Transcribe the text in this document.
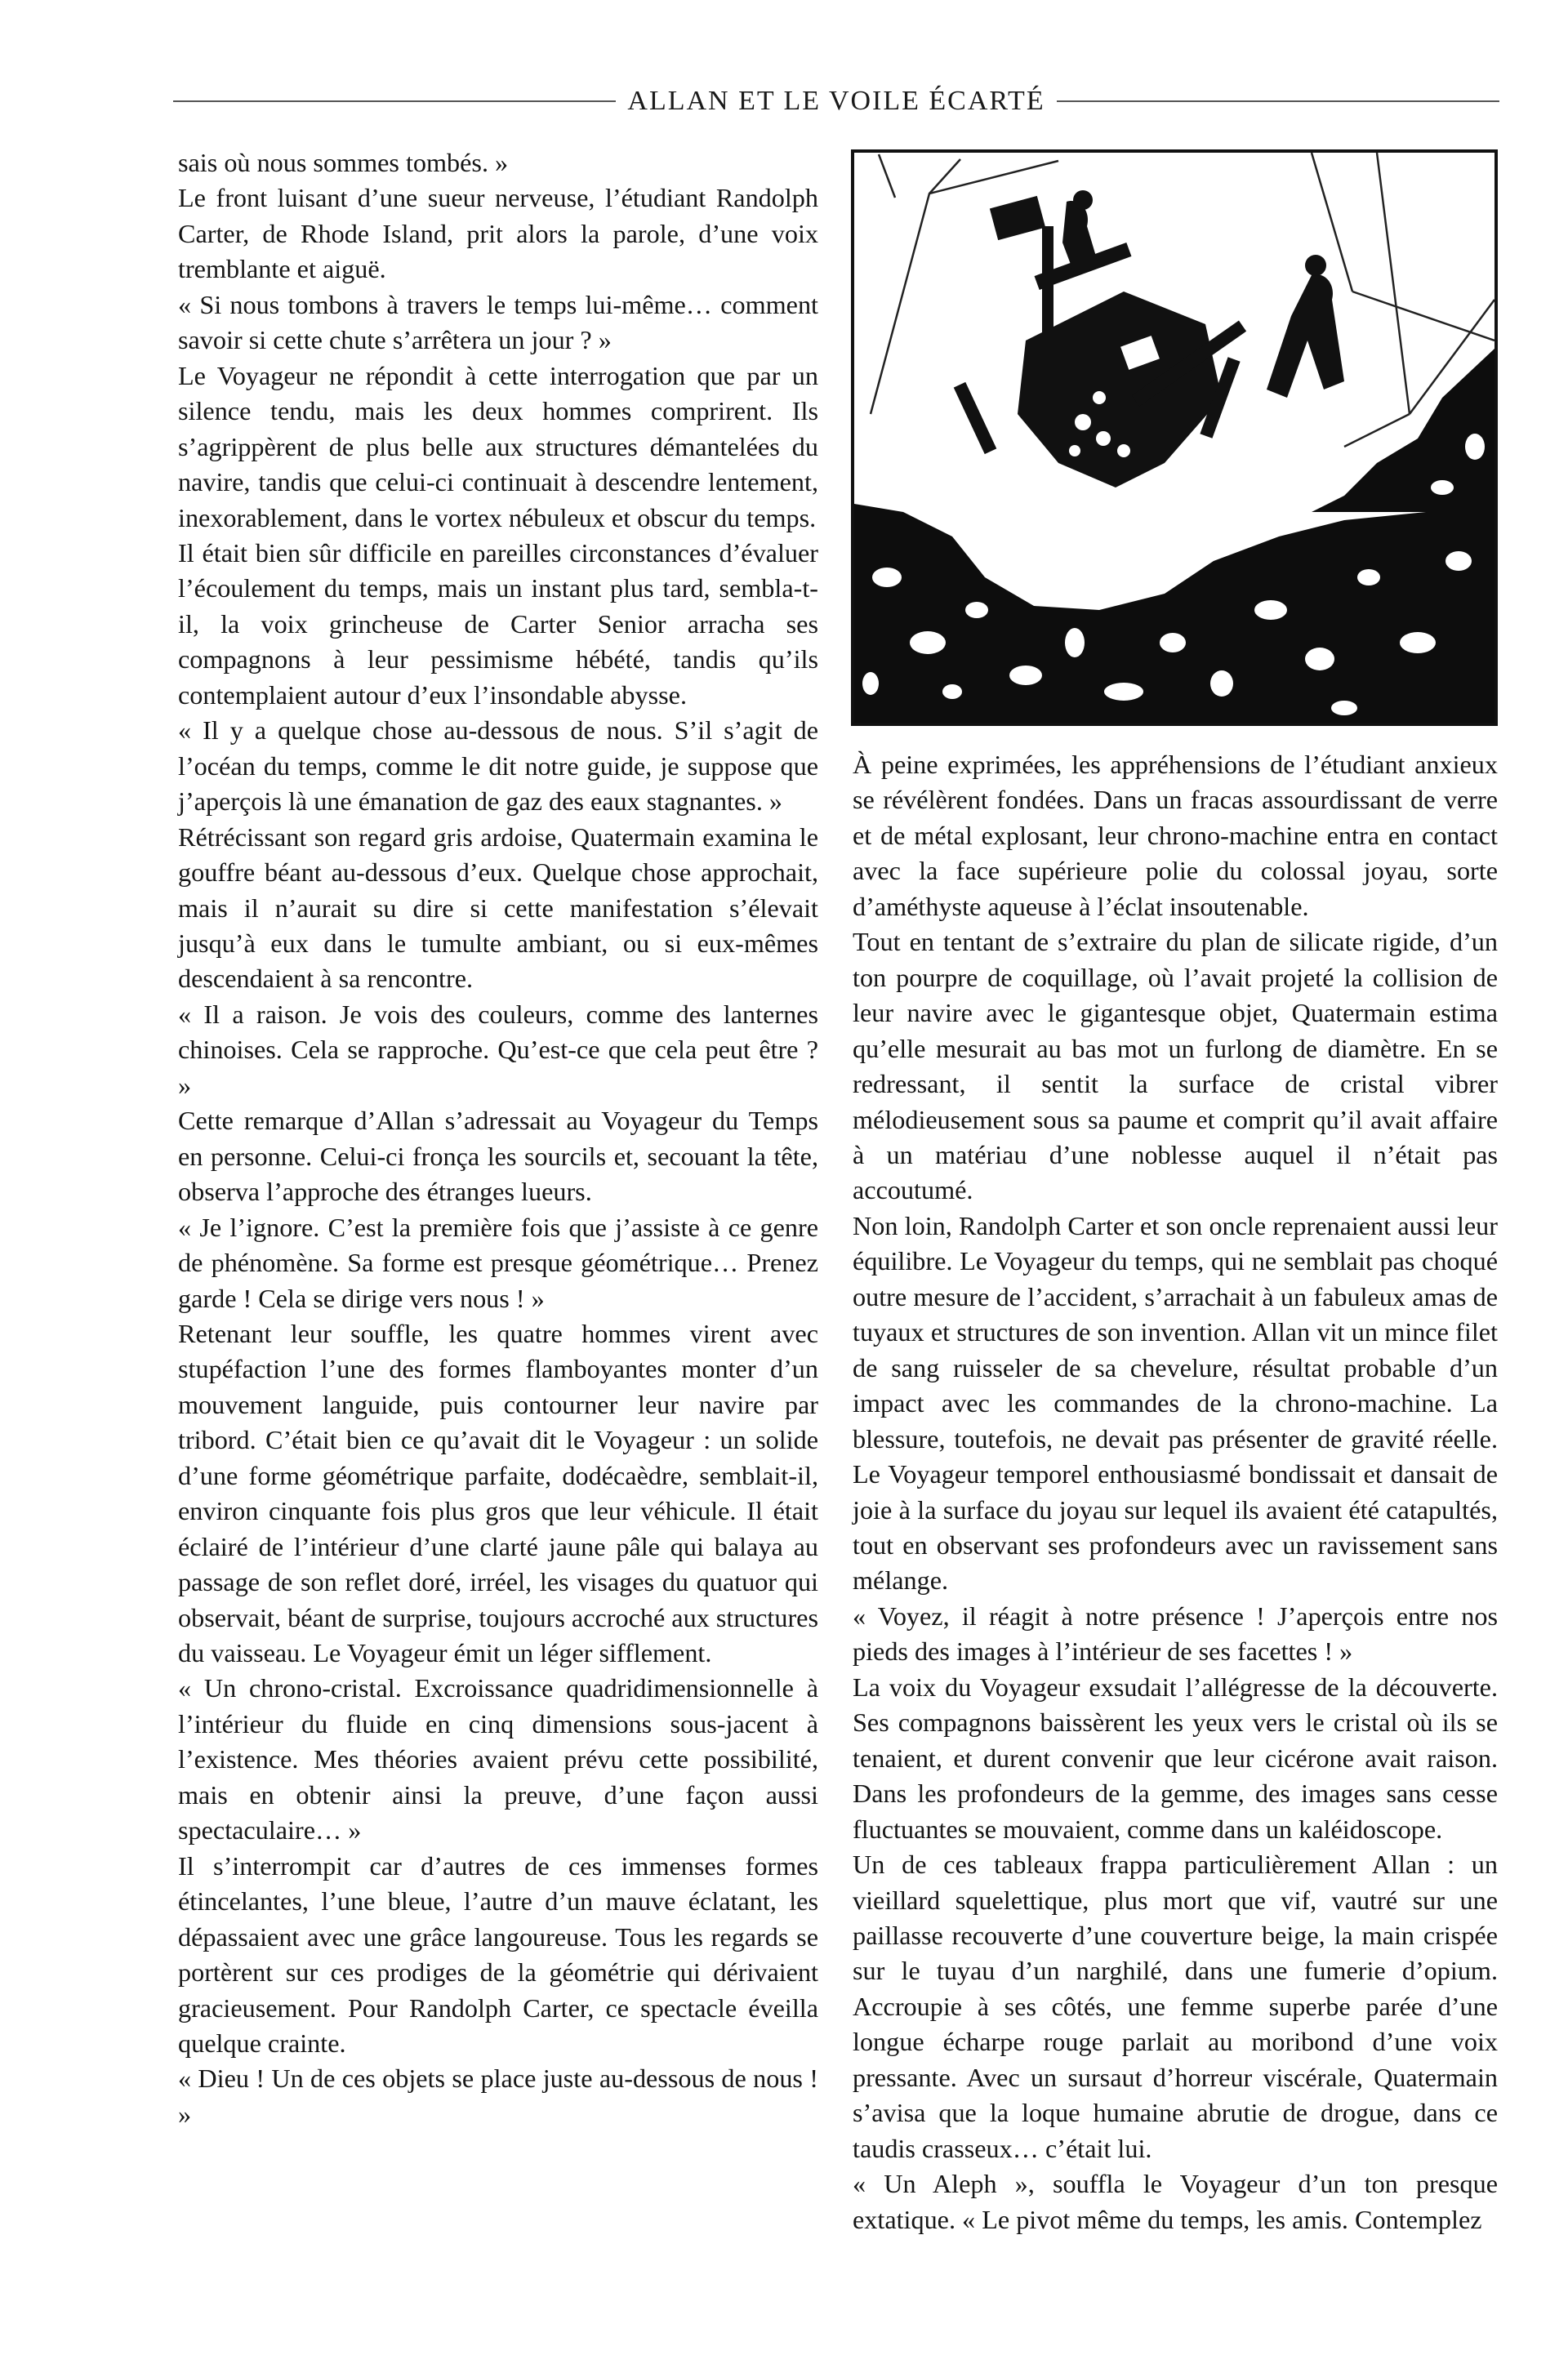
ALLAN ET LE VOILE ÉCARTÉ

sais où nous sommes tombés. »

Le front luisant d’une sueur nerveuse, l’étudiant Randolph Carter, de Rhode Island, prit alors la parole, d’une voix tremblante et aiguë.

« Si nous tombons à travers le temps lui-même… comment savoir si cette chute s’arrêtera un jour ? »

Le Voyageur ne répondit à cette interrogation que par un silence tendu, mais les deux hommes comprirent. Ils s’agrippèrent de plus belle aux structures démantelées du navire, tandis que celui-ci continuait à descendre lentement, inexorablement, dans le vortex nébuleux et obscur du temps.

Il était bien sûr difficile en pareilles circonstances d’évaluer l’écoulement du temps, mais un instant plus tard, sembla-t-il, la voix grincheuse de Carter Senior arracha ses compagnons à leur pessimisme hébété, tandis qu’ils contemplaient autour d’eux l’insondable abysse.

« Il y a quelque chose au-dessous de nous. S’il s’agit de l’océan du temps, comme le dit notre guide, je suppose que j’aperçois là une émanation de gaz des eaux stagnantes. »

Rétrécissant son regard gris ardoise, Quatermain examina le gouffre béant au-dessous d’eux. Quelque chose approchait, mais il n’aurait su dire si cette manifestation s’élevait jusqu’à eux dans le tumulte ambiant, ou si eux-mêmes descendaient à sa rencontre.

« Il a raison. Je vois des couleurs, comme des lanternes chinoises. Cela se rapproche. Qu’est-ce que cela peut être ? »

Cette remarque d’Allan s’adressait au Voyageur du Temps en personne. Celui-ci fronça les sourcils et, secouant la tête, observa l’approche des étranges lueurs.

« Je l’ignore. C’est la première fois que j’assiste à ce genre de phénomène. Sa forme est presque géométrique… Prenez garde ! Cela se dirige vers nous ! »

Retenant leur souffle, les quatre hommes virent avec stupéfaction l’une des formes flamboyantes monter d’un mouvement languide, puis contourner leur navire par tribord. C’était bien ce qu’avait dit le Voyageur : un solide d’une forme géométrique parfaite, dodécaèdre, semblait-il, environ cinquante fois plus gros que leur véhicule. Il était éclairé de l’intérieur d’une clarté jaune pâle qui balaya au passage de son reflet doré, irréel, les visages du quatuor qui observait, béant de surprise, toujours accroché aux structures du vaisseau. Le Voyageur émit un léger sifflement.

« Un chrono-cristal. Excroissance quadridimensionnelle à l’intérieur du fluide en cinq dimensions sous-jacent à l’existence. Mes théories avaient prévu cette possibilité, mais en obtenir ainsi la preuve, d’une façon aussi spectaculaire… »

Il s’interrompit car d’autres de ces immenses formes étincelantes, l’une bleue, l’autre d’un mauve éclatant, les dépassaient avec une grâce langoureuse. Tous les regards se portèrent sur ces prodiges de la géométrie qui dérivaient gracieusement. Pour Randolph Carter, ce spectacle éveilla quelque crainte.

« Dieu ! Un de ces objets se place juste au-dessous de nous ! »

À peine exprimées, les appréhensions de l’étudiant anxieux se révélèrent fondées. Dans un fracas assourdissant de verre et de métal explosant, leur chrono-machine entra en contact avec la face supérieure polie du colossal joyau, sorte d’améthyste aqueuse à l’éclat insoutenable.

Tout en tentant de s’extraire du plan de silicate rigide, d’un ton pourpre de coquillage, où l’avait projeté la collision de leur navire avec le gigantesque objet, Quatermain estima qu’elle mesurait au bas mot un furlong de diamètre. En se redressant, il sentit la surface de cristal vibrer mélodieusement sous sa paume et comprit qu’il avait affaire à un matériau d’une noblesse auquel il n’était pas accoutumé.

Non loin, Randolph Carter et son oncle reprenaient aussi leur équilibre. Le Voyageur du temps, qui ne semblait pas choqué outre mesure de l’accident, s’arrachait à un fabuleux amas de tuyaux et structures de son invention. Allan vit un mince filet de sang ruisseler de sa chevelure, résultat probable d’un impact avec les commandes de la chrono-machine. La blessure, toutefois, ne devait pas présenter de gravité réelle. Le Voyageur temporel enthousiasmé bondissait et dansait de joie à la surface du joyau sur lequel ils avaient été catapultés, tout en observant ses profondeurs avec un ravissement sans mélange.

« Voyez, il réagit à notre présence ! J’aperçois entre nos pieds des images à l’intérieur de ses facettes ! »

La voix du Voyageur exsudait l’allégresse de la découverte. Ses compagnons baissèrent les yeux vers le cristal où ils se tenaient, et durent convenir que leur cicérone avait raison. Dans les profondeurs de la gemme, des images sans cesse fluctuantes se mouvaient, comme dans un kaléidoscope.

Un de ces tableaux frappa particulièrement Allan : un vieillard squelettique, plus mort que vif, vautré sur une paillasse recouverte d’une couverture beige, la main crispée sur le tuyau d’un narghilé, dans une fumerie d’opium. Accroupie à ses côtés, une femme superbe parée d’une longue écharpe rouge parlait au moribond d’une voix pressante. Avec un sursaut d’horreur viscérale, Quatermain s’avisa que la loque humaine abrutie de drogue, dans ce taudis crasseux… c’était lui.

« Un Aleph », souffla le Voyageur d’un ton presque extatique. « Le pivot même du temps, les amis. Contemplez
